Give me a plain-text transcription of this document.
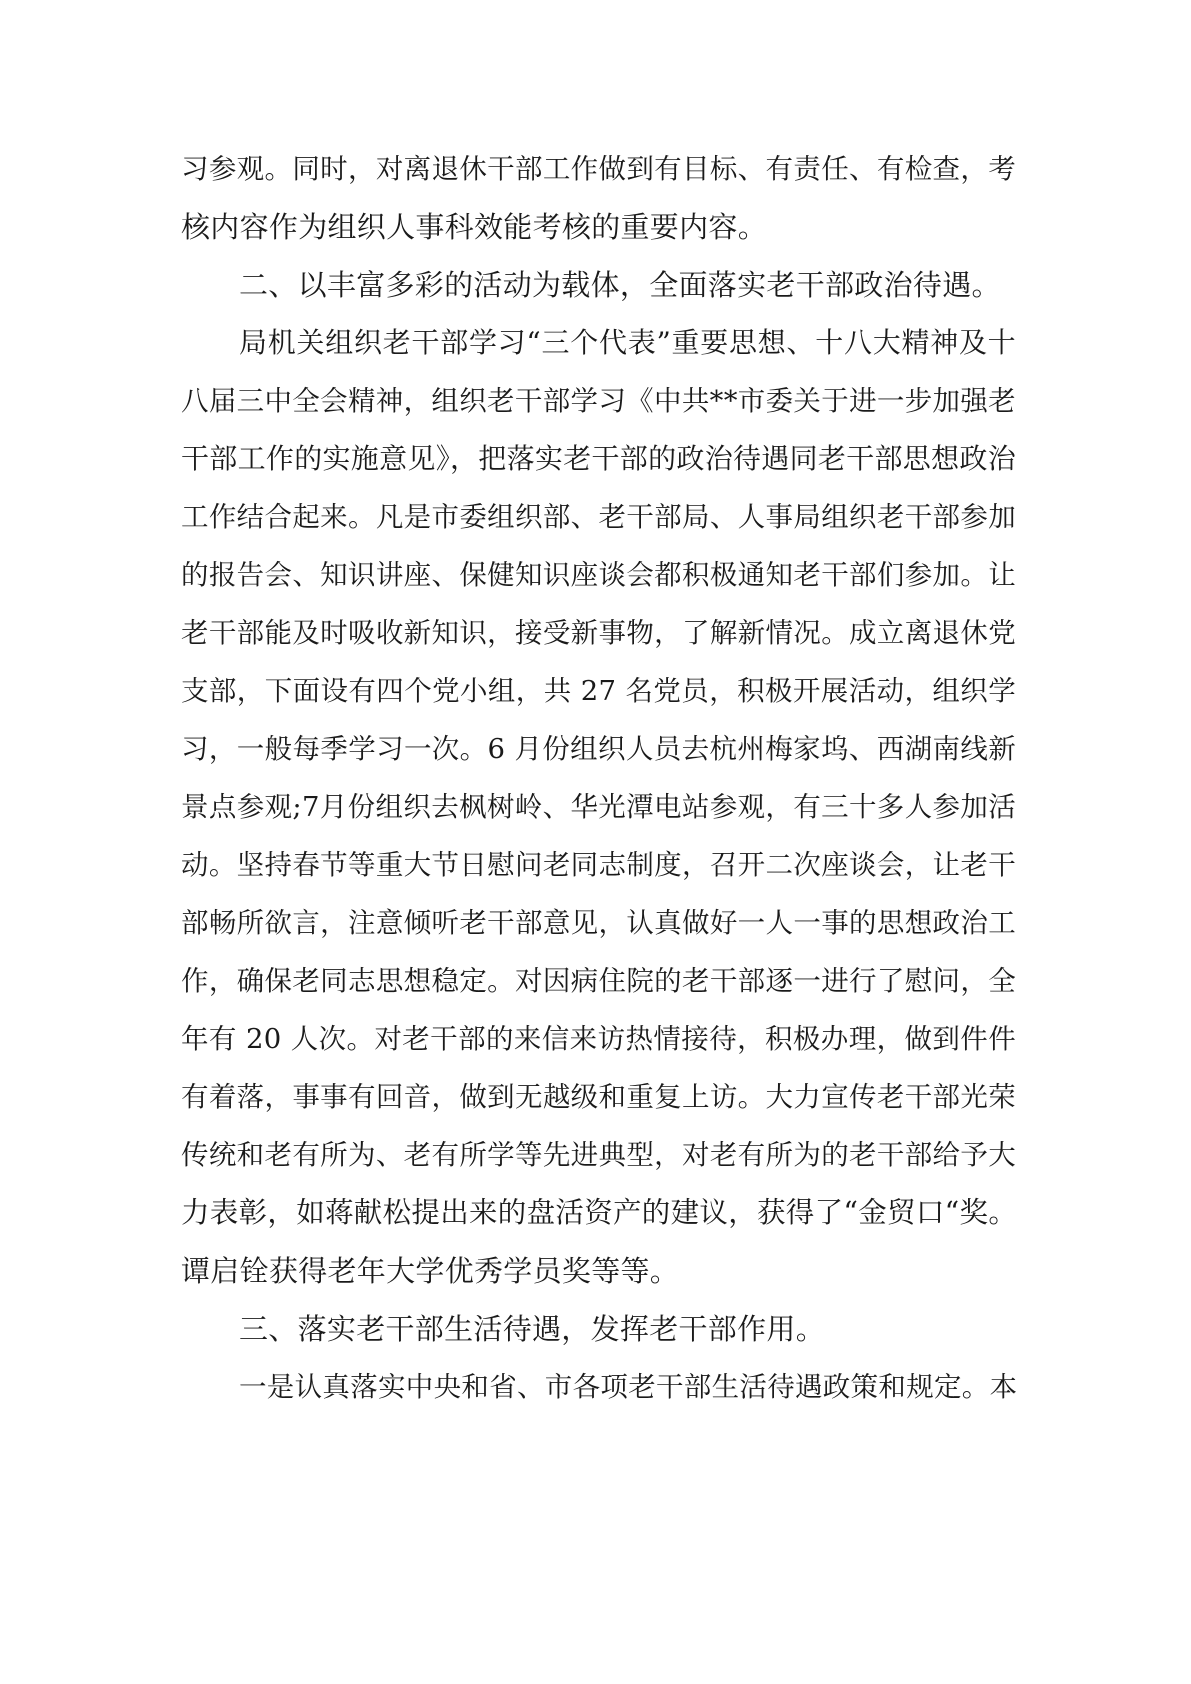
习参观。同时，对离退休干部工作做到有目标、有责任、有检查，考
核内容作为组织人事科效能考核的重要内容。
二、以丰富多彩的活动为载体，全面落实老干部政治待遇。
局机关组织老干部学习“三个代表”重要思想、十八大精神及十
八届三中全会精神，组织老干部学习《中共**市委关于进一步加强老
干部工作的实施意见》，把落实老干部的政治待遇同老干部思想政治
工作结合起来。凡是市委组织部、老干部局、人事局组织老干部参加
的报告会、知识讲座、保健知识座谈会都积极通知老干部们参加。让
老干部能及时吸收新知识，接受新事物，了解新情况。成立离退休党
支部，下面设有四个党小组，共 27 名党员，积极开展活动，组织学
习，一般每季学习一次。6 月份组织人员去杭州梅家坞、西湖南线新
景点参观;7月份组织去枫树岭、华光潭电站参观，有三十多人参加活
动。坚持春节等重大节日慰问老同志制度，召开二次座谈会，让老干
部畅所欲言，注意倾听老干部意见，认真做好一人一事的思想政治工
作，确保老同志思想稳定。对因病住院的老干部逐一进行了慰问，全
年有 20 人次。对老干部的来信来访热情接待，积极办理，做到件件
有着落，事事有回音，做到无越级和重复上访。大力宣传老干部光荣
传统和老有所为、老有所学等先进典型，对老有所为的老干部给予大
力表彰，如蒋献松提出来的盘活资产的建议，获得了“金贸口“奖。
谭启铨获得老年大学优秀学员奖等等。
三、落实老干部生活待遇，发挥老干部作用。
一是认真落实中央和省、市各项老干部生活待遇政策和规定。本
